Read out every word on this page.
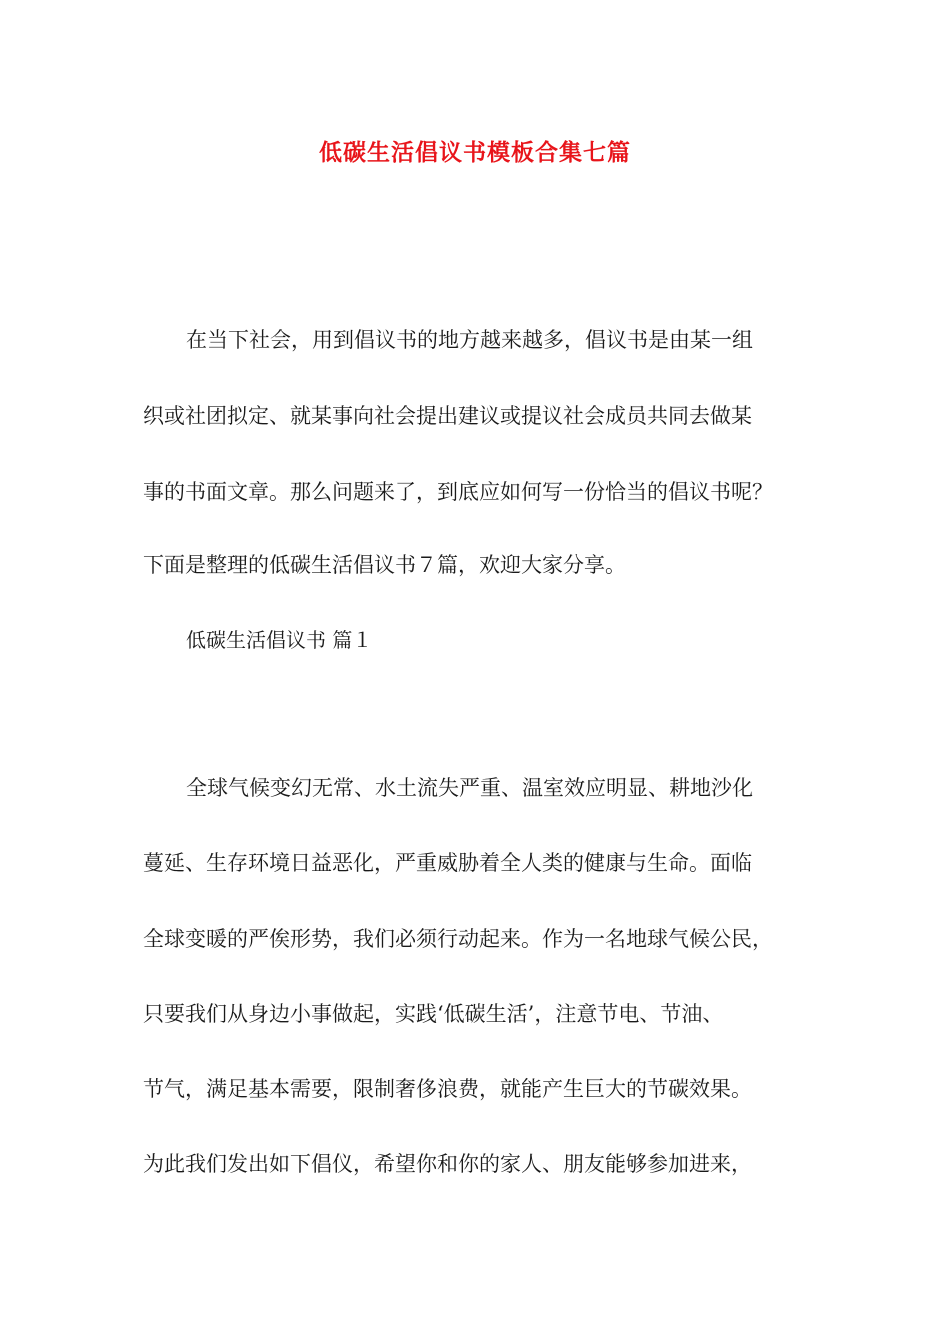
低碳生活倡议书模板合集七篇
在当下社会，用到倡议书的地方越来越多，倡议书是由某一组
织或社团拟定、就某事向社会提出建议或提议社会成员共同去做某
事的书面文章。那么问题来了，到底应如何写一份恰当的倡议书呢？
下面是整理的低碳生活倡议书７篇，欢迎大家分享。
低碳生活倡议书 篇１
全球气候变幻无常、水土流失严重、温室效应明显、耕地沙化
蔓延、生存环境日益恶化，严重威胁着全人类的健康与生命。面临
全球变暖的严俟形势，我们必须行动起来。作为一名地球气候公民，
只要我们从身边小事做起，实践‘低碳生活’，注意节电、节油、
节气，满足基本需要，限制奢侈浪费，就能产生巨大的节碳效果。
为此我们发出如下倡仪，希望你和你的家人、朋友能够参加进来，
